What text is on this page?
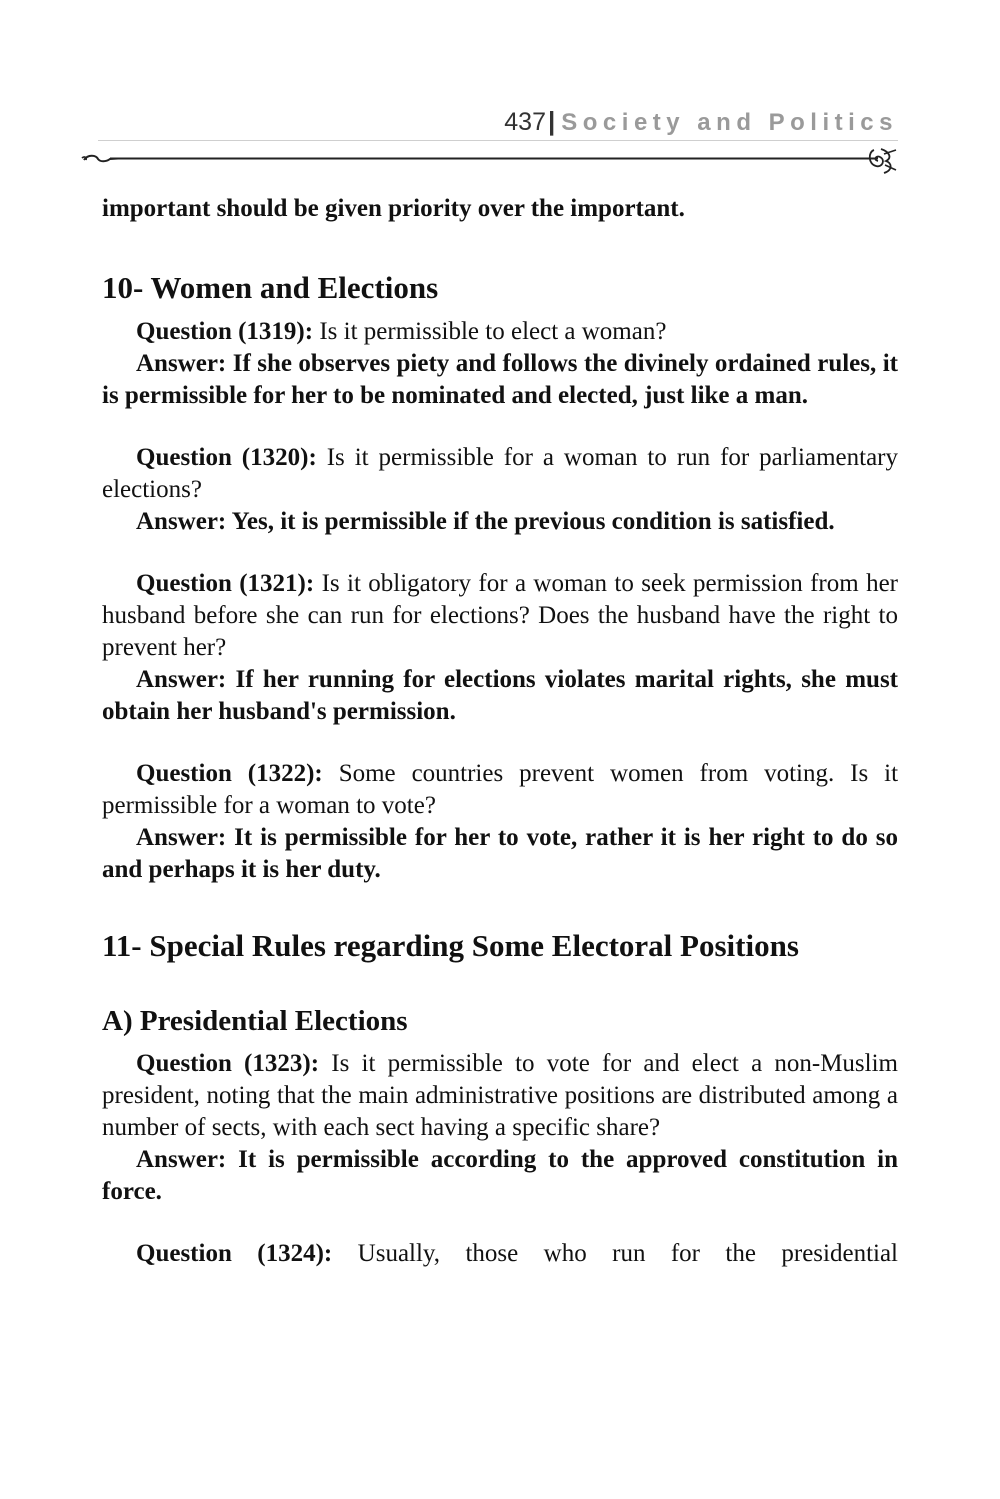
437| Society and Politics

important should be given priority over the important.

10- Women and Elections

Question (1319): Is it permissible to elect a woman?

Answer: If she observes piety and follows the divinely ordained rules, it is permissible for her to be nominated and elected, just like a man.

Question (1320): Is it permissible for a woman to run for parliamentary elections?

Answer: Yes, it is permissible if the previous condition is satisfied.

Question (1321): Is it obligatory for a woman to seek permission from her husband before she can run for elections? Does the husband have the right to prevent her?

Answer: If her running for elections violates marital rights, she must obtain her husband's permission.

Question (1322): Some countries prevent women from voting. Is it permissible for a woman to vote?

Answer: It is permissible for her to vote, rather it is her right to do so and perhaps it is her duty.

11- Special Rules regarding Some Electoral Positions
A) Presidential Elections

Question (1323): Is it permissible to vote for and elect a non-Muslim president, noting that the main administrative positions are distributed among a number of sects, with each sect having a specific share?

Answer: It is permissible according to the approved constitution in force.

Question (1324): Usually, those who run for the presidential
